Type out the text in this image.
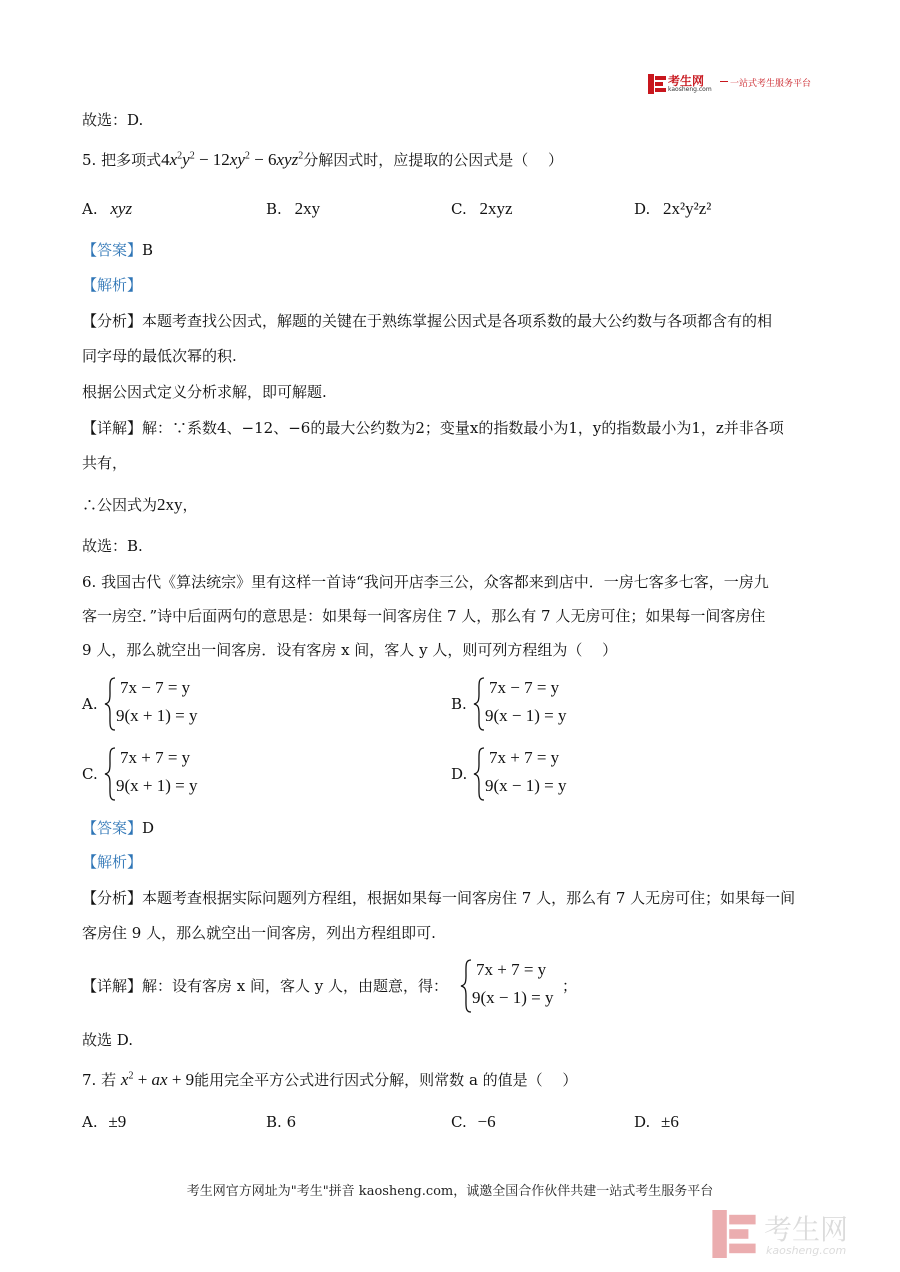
考生网
kaosheng.com
一站式考生服务平台
故选：D.
5. 把多项式$4x^2y^2 - 12xy^2 - 6xyz^2$分解因式时，应提取的公因式是（　 ）
A. xyz	B. 2xy	C. 2xyz	D. 2x²y²z²
【答案】B
【解析】
【分析】本题考查找公因式，解题的关键在于熟练掌握公因式是各项系数的最大公约数与各项都含有的相
同字母的最低次幂的积.
根据公因式定义分析求解，即可解题.
【详解】解：∵系数4、−12、−6的最大公约数为2；变量x的指数最小为1，y的指数最小为1，z并非各项
共有，
∴公因式为2xy，
故选：B.
6. 我国古代《算法统宗》里有这样一首诗“我问开店李三公，众客都来到店中．一房七客多七客，一房九
客一房空．”诗中后面两句的意思是：如果每一间客房住 7 人，那么有 7 人无房可住；如果每一间客房住
9 人，那么就空出一间客房．设有客房 x 间，客人 y 人，则可列方程组为（　 ）
A.
7x − 7 = y
9(x + 1) = y
B.
7x − 7 = y
9(x − 1) = y
C.
7x + 7 = y
9(x + 1) = y
D.
7x + 7 = y
9(x − 1) = y
【答案】D
【解析】
【分析】本题考查根据实际问题列方程组，根据如果每一间客房住 7 人，那么有 7 人无房可住；如果每一间
客房住 9 人，那么就空出一间客房，列出方程组即可.
【详解】解：设有客房 x 间，客人 y 人，由题意，得：
7x + 7 = y
9(x − 1) = y
；
故选 D.
7. 若 $x^2$ + ax + 9能用完全平方公式进行因式分解，则常数 a 的值是（　 ）
A. ±9	B. 6	C. −6	D. ±6
考生网官方网址为"考生"拼音 kaosheng.com，诚邀全国合作伙伴共建一站式考生服务平台
考生网
kaosheng.com
